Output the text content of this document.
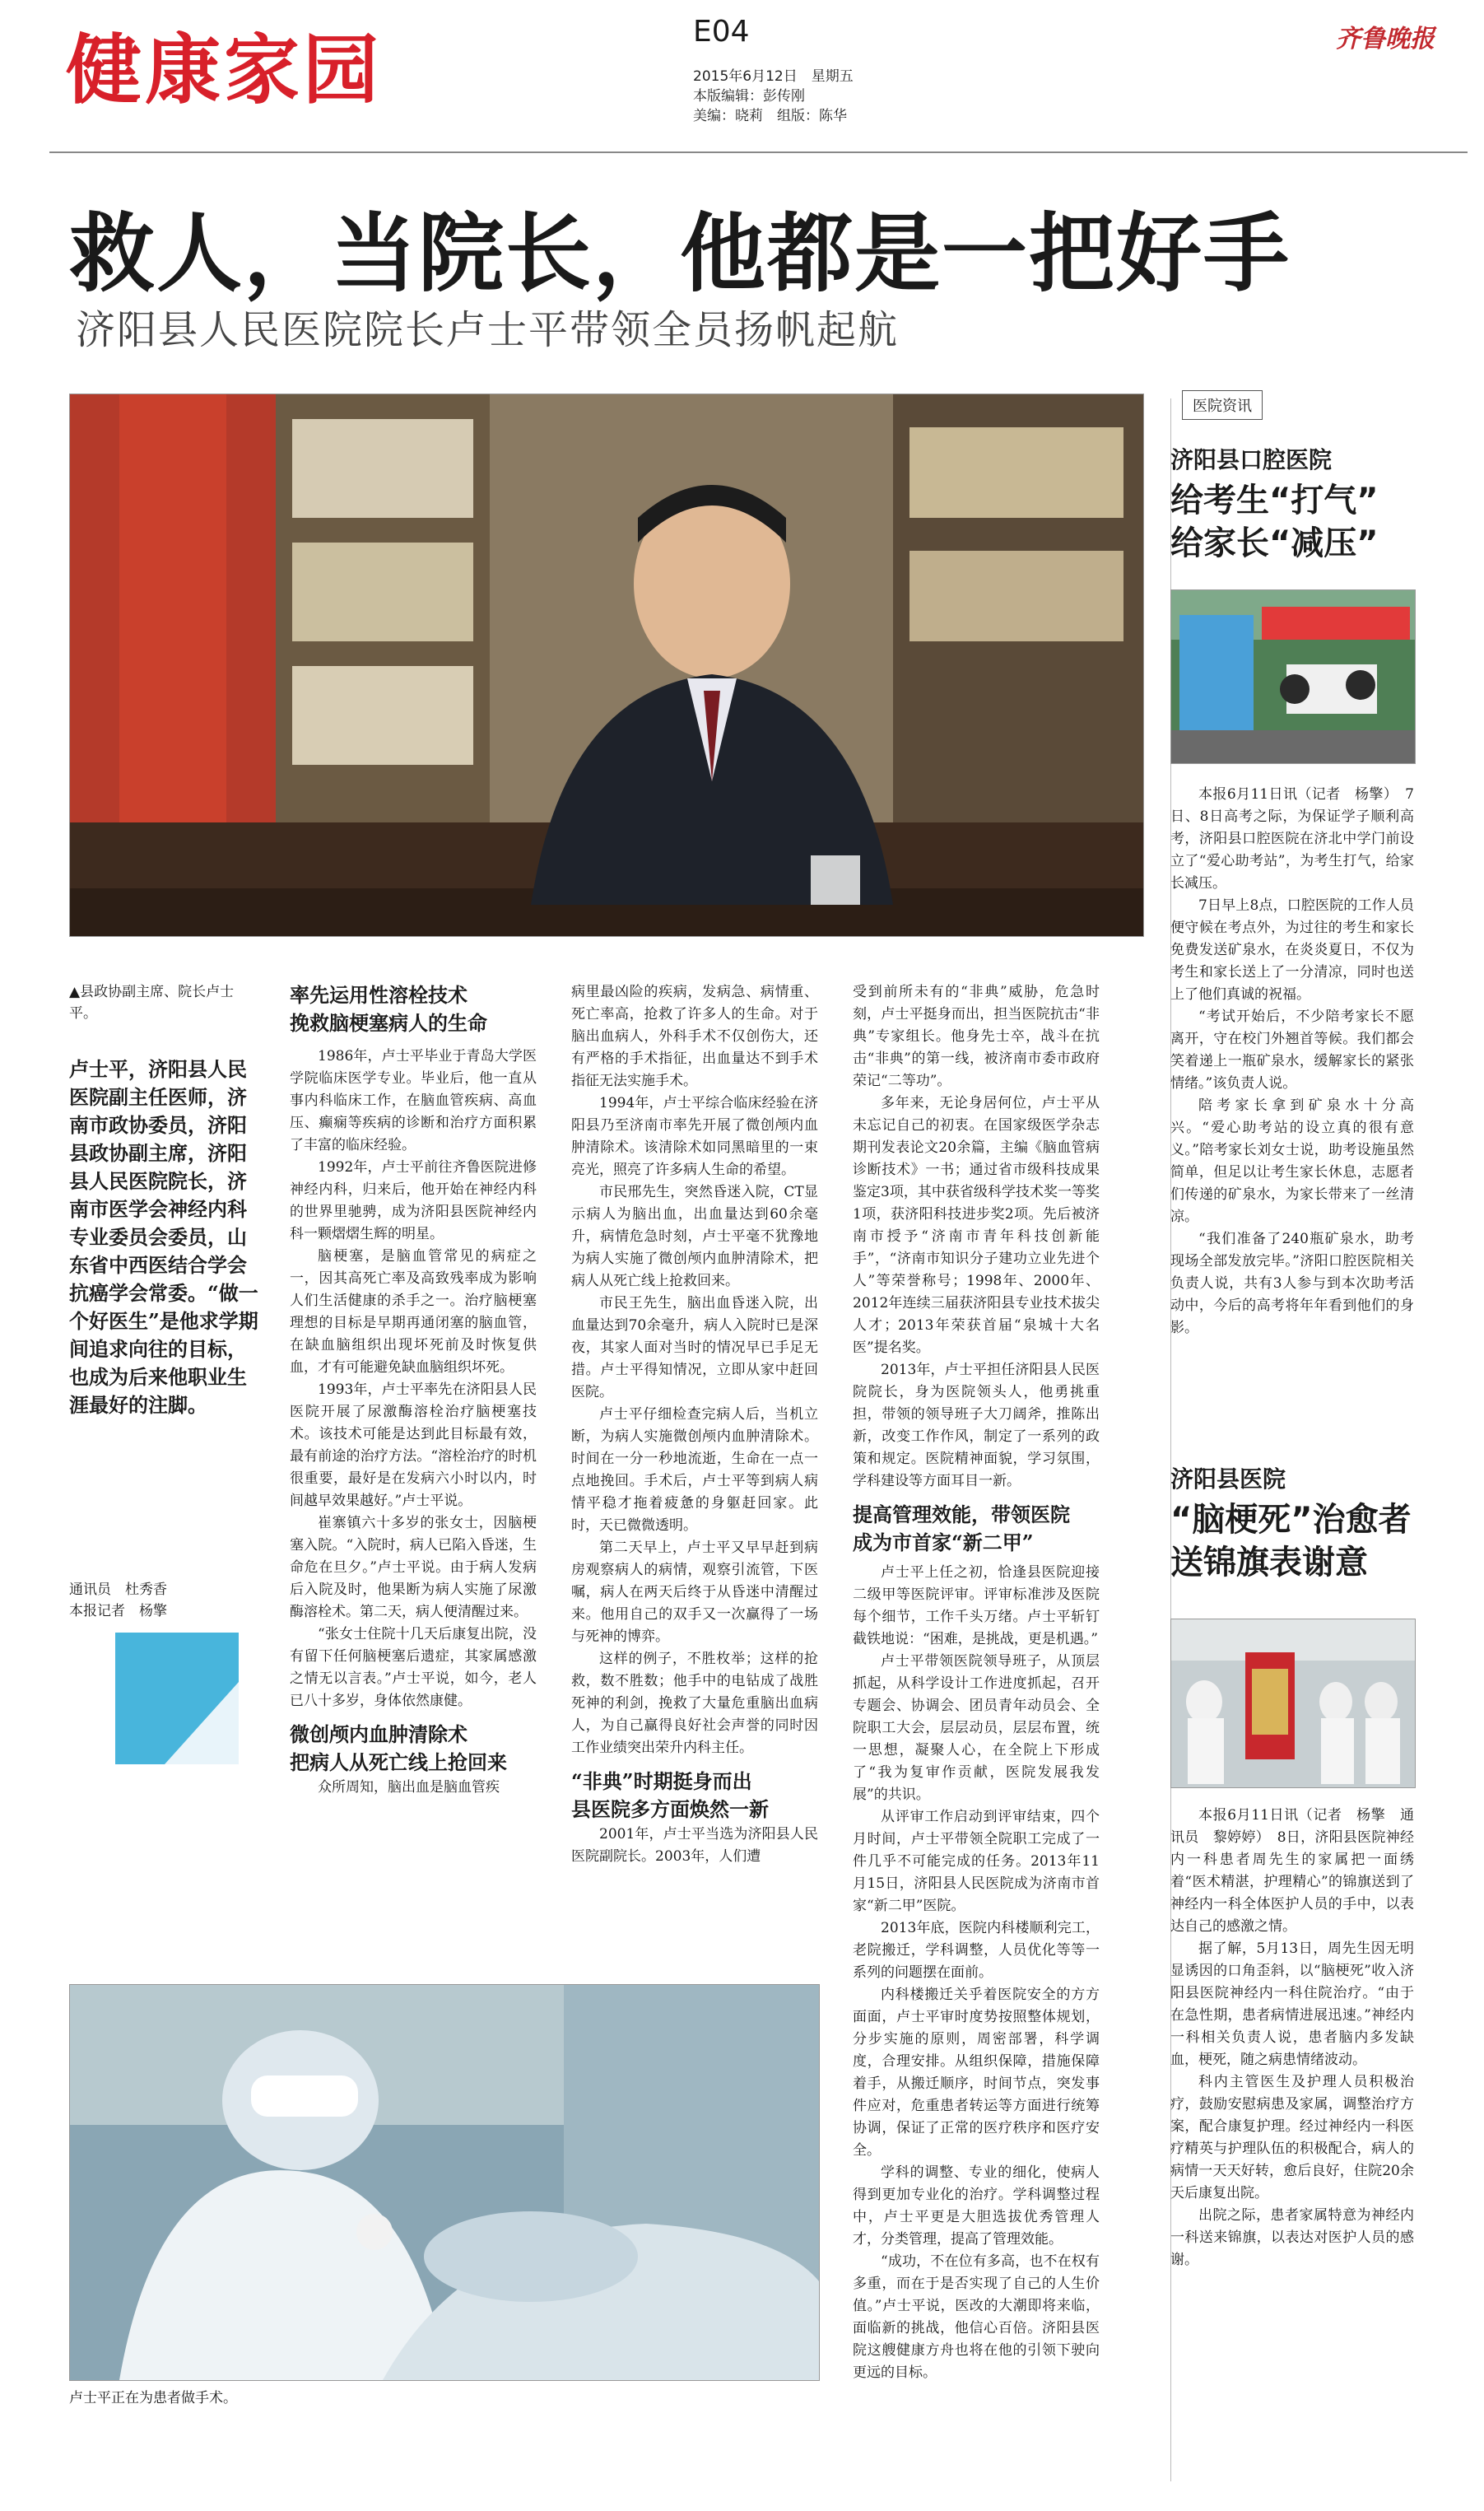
健康家园	E04
2015年6月12日　星期五
本版编辑：彭传刚
美编：晓莉　组版：陈华
齐鲁晚报
救人，当院长，他都是一把好手
济阳县人民医院院长卢士平带领全员扬帆起航
▲县政协副主席、院长卢士平。
卢士平，济阳县人民医院副主任医师，济南市政协委员，济阳县政协副主席，济阳县人民医院院长，济南市医学会神经内科专业委员会委员，山东省中西医结合学会抗癌学会常委。“做一个好医生”是他求学期间追求向往的目标，也成为后来他职业生涯最好的注脚。
通讯员　杜秀香
本报记者　杨擎
率先运用性溶栓技术
挽救脑梗塞病人的生命

1986年，卢士平毕业于青岛大学医学院临床医学专业。毕业后，他一直从事内科临床工作，在脑血管疾病、高血压、癫痫等疾病的诊断和治疗方面积累了丰富的临床经验。

1992年，卢士平前往齐鲁医院进修神经内科，归来后，他开始在神经内科的世界里驰骋，成为济阳县医院神经内科一颗熠熠生辉的明星。

脑梗塞，是脑血管常见的病症之一，因其高死亡率及高致残率成为影响人们生活健康的杀手之一。治疗脑梗塞理想的目标是早期再通闭塞的脑血管，在缺血脑组织出现坏死前及时恢复供血，才有可能避免缺血脑组织坏死。

1993年，卢士平率先在济阳县人民医院开展了尿激酶溶栓治疗脑梗塞技术。该技术可能是达到此目标最有效，最有前途的治疗方法。“溶栓治疗的时机很重要，最好是在发病六小时以内，时间越早效果越好。”卢士平说。

崔寨镇六十多岁的张女士，因脑梗塞入院。“入院时，病人已陷入昏迷，生命危在旦夕。”卢士平说。由于病人发病后入院及时，他果断为病人实施了尿激酶溶栓术。第二天，病人便清醒过来。

“张女士住院十几天后康复出院，没有留下任何脑梗塞后遗症，其家属感激之情无以言表。”卢士平说，如今，老人已八十多岁，身体依然康健。

微创颅内血肿清除术
把病人从死亡线上抢回来

众所周知，脑出血是脑血管疾

病里最凶险的疾病，发病急、病情重、死亡率高，抢救了许多人的生命。对于脑出血病人，外科手术不仅创伤大，还有严格的手术指征，出血量达不到手术指征无法实施手术。

1994年，卢士平综合临床经验在济阳县乃至济南市率先开展了微创颅内血肿清除术。该清除术如同黑暗里的一束亮光，照亮了许多病人生命的希望。

市民邢先生，突然昏迷入院，CT显示病人为脑出血，出血量达到60余毫升，病情危急时刻，卢士平毫不犹豫地为病人实施了微创颅内血肿清除术，把病人从死亡线上抢救回来。

市民王先生，脑出血昏迷入院，出血量达到70余毫升，病人入院时已是深夜，其家人面对当时的情况早已手足无措。卢士平得知情况，立即从家中赶回医院。

卢士平仔细检查完病人后，当机立断，为病人实施微创颅内血肿清除术。时间在一分一秒地流逝，生命在一点一点地挽回。手术后，卢士平等到病人病情平稳才拖着疲惫的身躯赶回家。此时，天已微微透明。

第二天早上，卢士平又早早赶到病房观察病人的病情，观察引流管，下医嘱，病人在两天后终于从昏迷中清醒过来。他用自己的双手又一次赢得了一场与死神的博弈。

这样的例子，不胜枚举；这样的抢救，数不胜数；他手中的电钻成了战胜死神的利剑，挽救了大量危重脑出血病人，为自己赢得良好社会声誉的同时因工作业绩突出荣升内科主任。

“非典”时期挺身而出
县医院多方面焕然一新

2001年，卢士平当选为济阳县人民医院副院长。2003年，人们遭

受到前所未有的“非典”威胁，危急时刻，卢士平挺身而出，担当医院抗击“非典”专家组长。他身先士卒，战斗在抗击“非典”的第一线，被济南市委市政府荣记“二等功”。

多年来，无论身居何位，卢士平从未忘记自己的初衷。在国家级医学杂志期刊发表论文20余篇，主编《脑血管病诊断技术》一书；通过省市级科技成果鉴定3项，其中获省级科学技术奖一等奖1项，获济阳科技进步奖2项。先后被济南市授予“济南市青年科技创新能手”，“济南市知识分子建功立业先进个人”等荣誉称号；1998年、2000年、2012年连续三届获济阳县专业技术拔尖人才；2013年荣获首届“泉城十大名医”提名奖。

2013年，卢士平担任济阳县人民医院院长，身为医院领头人，他勇挑重担，带领的领导班子大刀阔斧，推陈出新，改变工作作风，制定了一系列的政策和规定。医院精神面貌，学习氛围，学科建设等方面耳目一新。

提高管理效能，带领医院
成为市首家“新二甲”

卢士平上任之初，恰逢县医院迎接二级甲等医院评审。评审标准涉及医院每个细节，工作千头万绪。卢士平斩钉截铁地说：“困难，是挑战，更是机遇。”

卢士平带领医院领导班子，从顶层抓起，从科学设计工作进度抓起，召开专题会、协调会、团员青年动员会、全院职工大会，层层动员，层层布置，统一思想，凝聚人心，在全院上下形成了“我为复审作贡献，医院发展我发展”的共识。

从评审工作启动到评审结束，四个月时间，卢士平带领全院职工完成了一件几乎不可能完成的任务。2013年11月15日，济阳县人民医院成为济南市首家“新二甲”医院。

2013年底，医院内科楼顺利完工，老院搬迁，学科调整，人员优化等等一系列的问题摆在面前。

内科楼搬迁关乎着医院安全的方方面面，卢士平审时度势按照整体规划，分步实施的原则，周密部署，科学调度，合理安排。从组织保障，措施保障着手，从搬迁顺序，时间节点，突发事件应对，危重患者转运等方面进行统筹协调，保证了正常的医疗秩序和医疗安全。

学科的调整、专业的细化，使病人得到更加专业化的治疗。学科调整过程中，卢士平更是大胆选拔优秀管理人才，分类管理，提高了管理效能。

“成功，不在位有多高，也不在权有多重，而在于是否实现了自己的人生价值。”卢士平说，医改的大潮即将来临，面临新的挑战，他信心百倍。济阳县医院这艘健康方舟也将在他的引领下驶向更远的目标。

卢士平正在为患者做手术。
医院资讯
济阳县口腔医院
给考生“打气”
给家长“减压”

本报6月11日讯（记者　杨擎）　7日、8日高考之际，为保证学子顺利高考，济阳县口腔医院在济北中学门前设立了“爱心助考站”，为考生打气，给家长减压。

7日早上8点，口腔医院的工作人员便守候在考点外，为过往的考生和家长免费发送矿泉水，在炎炎夏日，不仅为考生和家长送上了一分清凉，同时也送上了他们真诚的祝福。

“考试开始后，不少陪考家长不愿离开，守在校门外翘首等候。我们都会笑着递上一瓶矿泉水，缓解家长的紧张情绪。”该负责人说。

陪考家长拿到矿泉水十分高兴。“爱心助考站的设立真的很有意义。”陪考家长刘女士说，助考设施虽然简单，但足以让考生家长休息，志愿者们传递的矿泉水，为家长带来了一丝清凉。

“我们准备了240瓶矿泉水，助考现场全部发放完毕。”济阳口腔医院相关负责人说，共有3人参与到本次助考活动中，今后的高考将年年看到他们的身影。

济阳县医院
“脑梗死”治愈者
送锦旗表谢意

本报6月11日讯（记者　杨擎　通讯员　黎婷婷）　8日，济阳县医院神经内一科患者周先生的家属把一面绣着“医术精湛，护理精心”的锦旗送到了神经内一科全体医护人员的手中，以表达自己的感激之情。

据了解，5月13日，周先生因无明显诱因的口角歪斜，以“脑梗死”收入济阳县医院神经内一科住院治疗。“由于在急性期，患者病情进展迅速。”神经内一科相关负责人说，患者脑内多发缺血，梗死，随之病患情绪波动。

科内主管医生及护理人员积极治疗，鼓励安慰病患及家属，调整治疗方案，配合康复护理。经过神经内一科医疗精英与护理队伍的积极配合，病人的病情一天天好转，愈后良好，住院20余天后康复出院。

出院之际，患者家属特意为神经内一科送来锦旗，以表达对医护人员的感谢。
